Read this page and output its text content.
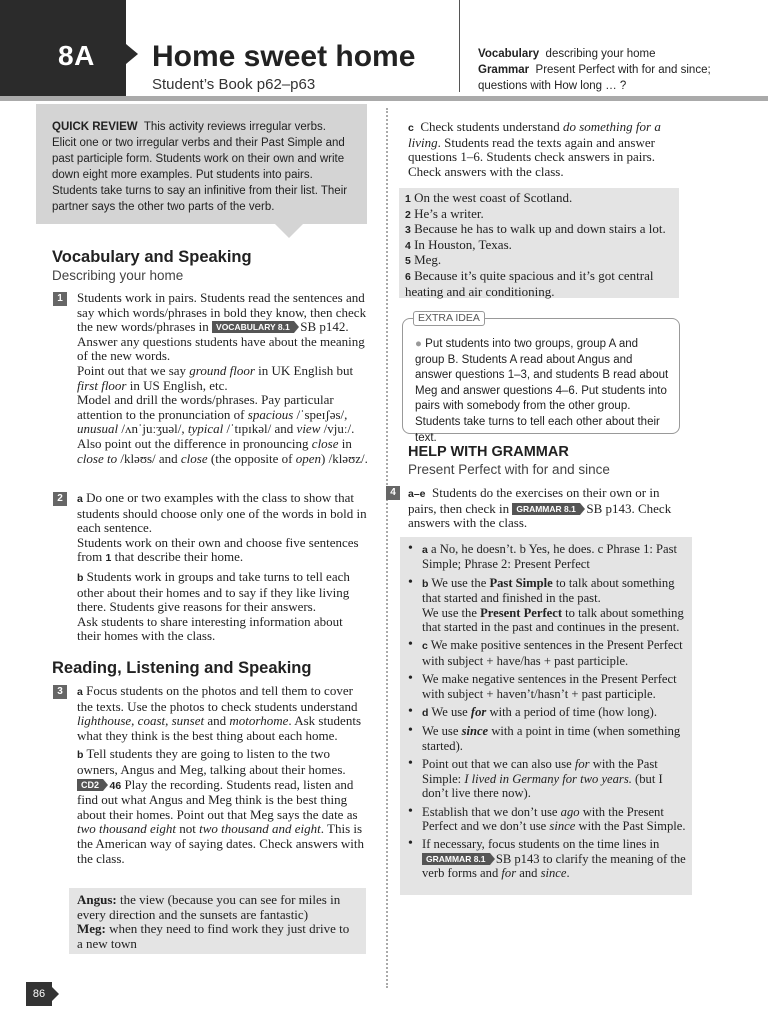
8A Home sweet home
Student’s Book p62–p63
Vocabulary describing your home
Grammar Present Perfect with for and since; questions with How long … ?
QUICK REVIEW This activity reviews irregular verbs. Elicit one or two irregular verbs and their Past Simple and past participle form. Students work on their own and write down eight more examples. Put students into pairs. Students take turns to say an infinitive from their list. Their partner says the other two parts of the verb.
Vocabulary and Speaking
Describing your home
1	Students work in pairs. Students read the sentences and say which words/phrases in bold they know, then check the new words/phrases in VOCABULARY 8.1 SB p142. Answer any questions students have about the meaning of the new words.

Point out that we say ground floor in UK English but first floor in US English, etc.

Model and drill the words/phrases. Pay particular attention to the pronunciation of spacious /ˈspeɪʃəs/, unusual /ʌnˈjuːʒuəl/, typical /ˈtɪpɪkəl/ and view /vjuː/. Also point out the difference in pronouncing close in close to /kləʊs/ and close (the opposite of open) /kləʊz/.

2	a Do one or two examples with the class to show that students should choose only one of the words in bold in each sentence.

Students work on their own and choose five sentences from 1 that describe their home.

b Students work in groups and take turns to tell each other about their homes and to say if they like living there. Students give reasons for their answers.

Ask students to share interesting information about their homes with the class.

Reading, Listening and Speaking
3	a Focus students on the photos and tell them to cover the texts. Use the photos to check students understand lighthouse, coast, sunset and motorhome. Ask students what they think is the best thing about each home.

b Tell students they are going to listen to the two owners, Angus and Meg, talking about their homes. CD2 46 Play the recording. Students read, listen and find out what Angus and Meg think is the best thing about their homes. Point out that Meg says the date as two thousand eight not two thousand and eight. This is the American way of saying dates. Check answers with the class.

Angus: the view (because you can see for miles in every direction and the sunsets are fantastic)

Meg: when they need to find work they just drive to a new town

c Check students understand do something for a living. Students read the texts again and answer questions 1–6. Students check answers in pairs. Check answers with the class.

1 On the west coast of Scotland.

2 He’s a writer.

3 Because he has to walk up and down stairs a lot.

4 In Houston, Texas.

5 Meg.

6 Because it’s quite spacious and it’s got central heating and air conditioning.

EXTRA IDEA
● Put students into two groups, group A and group B. Students A read about Angus and answer questions 1–3, and students B read about Meg and answer questions 4–6. Put students into pairs with somebody from the other group. Students take turns to tell each other about their text.
HELP WITH GRAMMAR
Present Perfect with for and since
4	a–e Students do the exercises on their own or in pairs, then check in GRAMMAR 8.1 SB p143. Check answers with the class.

• a a No, he doesn’t. b Yes, he does. c Phrase 1: Past Simple; Phrase 2: Present Perfect
• b We use the Past Simple to talk about something that started and finished in the past.
We use the Present Perfect to talk about something that started in the past and continues in the present.
• c We make positive sentences in the Present Perfect with subject + have/has + past participle.
• We make negative sentences in the Present Perfect with subject + haven’t/hasn’t + past participle.
• d We use for with a period of time (how long).
• We use since with a point in time (when something started).
• Point out that we can also use for with the Past Simple: I lived in Germany for two years. (but I don’t live there now).
• Establish that we don’t use ago with the Present Perfect and we don’t use since with the Past Simple.
• If necessary, focus students on the time lines in GRAMMAR 8.1 SB p143 to clarify the meaning of the verb forms and for and since.
86
